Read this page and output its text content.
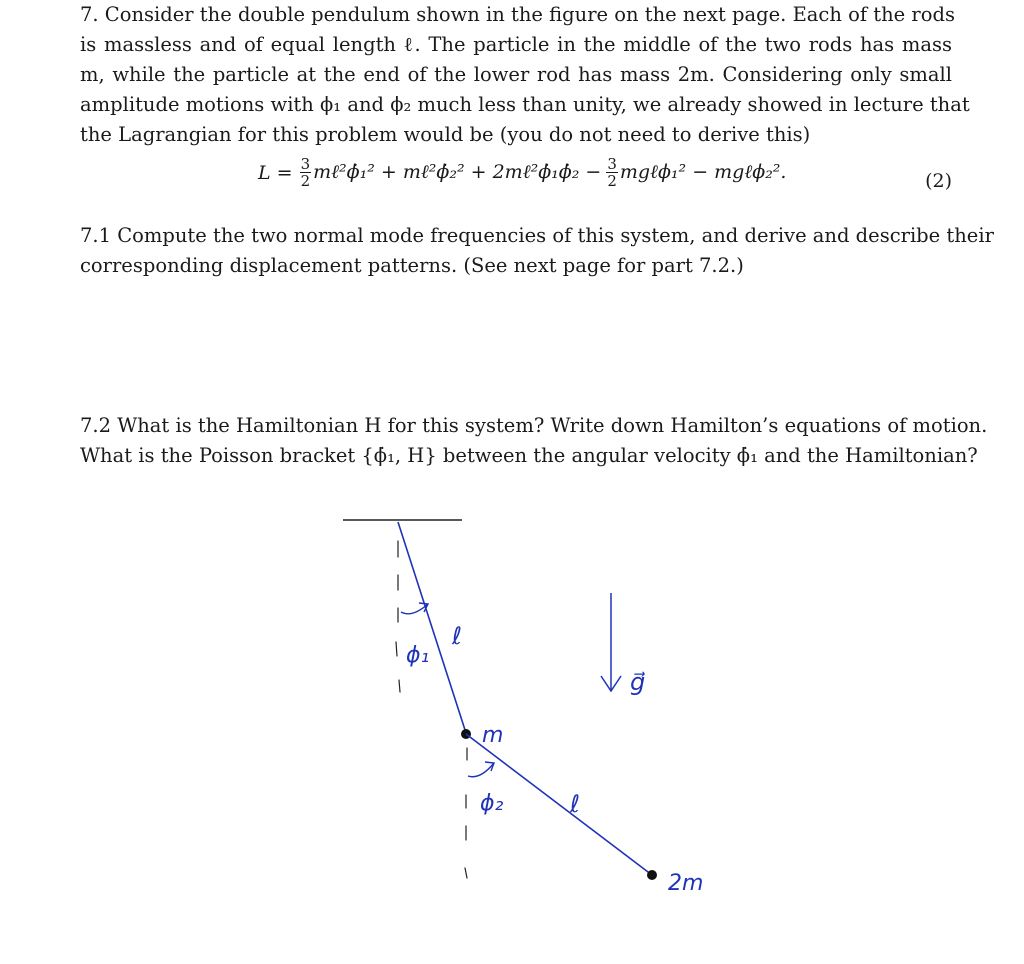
7. Consider the double pendulum shown in the figure on the next page. Each of the rods
is massless and of equal length ℓ. The particle in the middle of the two rods has mass
m, while the particle at the end of the lower rod has mass 2m. Considering only small
amplitude motions with ϕ₁ and ϕ₂ much less than unity, we already showed in lecture that
the Lagrangian for this problem would be (you do not need to derive this)
$L = \frac{3}{2}$ mℓ²ϕ̇₁² + mℓ²ϕ̇₂² + 2mℓ²ϕ̇₁ϕ̇₂ − $\frac{3}{2}$ mgℓϕ₁² − mgℓϕ₂².	(2)
7.1 Compute the two normal mode frequencies of this system, and derive and describe their
corresponding displacement patterns. (See next page for part 7.2.)
7.2 What is the Hamiltonian H for this system? Write down Hamilton’s equations of motion.
What is the Poisson bracket {ϕ̇₁, H} between the angular velocity ϕ̇₁ and the Hamiltonian?
ℓ
ϕ₁
m
ϕ₂	ℓ
2m
g⃗
